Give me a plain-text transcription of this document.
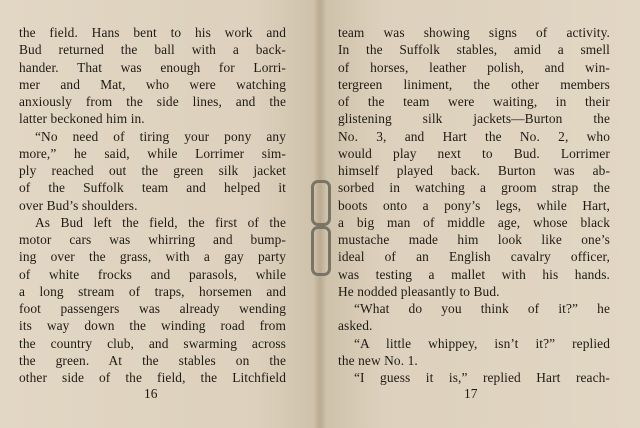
the field. Hans bent to his work and
Bud returned the ball with a back-
hander. That was enough for Lorri-
mer and Mat, who were watching
anxiously from the side lines, and the
latter beckoned him in.
“No need of tiring your pony any
more,” he said, while Lorrimer sim-
ply reached out the green silk jacket
of the Suffolk team and helped it
over Bud’s shoulders.
As Bud left the field, the first of the
motor cars was whirring and bump-
ing over the grass, with a gay party
of white frocks and parasols, while
a long stream of traps, horsemen and
foot passengers was already wending
its way down the winding road from
the country club, and swarming across
the green. At the stables on the
other side of the field, the Litchfield
16
team was showing signs of activity.
In the Suffolk stables, amid a smell
of horses, leather polish, and win-
tergreen liniment, the other members
of the team were waiting, in their
glistening silk jackets—Burton the
No. 3, and Hart the No. 2, who
would play next to Bud. Lorrimer
himself played back. Burton was ab-
sorbed in watching a groom strap the
boots onto a pony’s legs, while Hart,
a big man of middle age, whose black
mustache made him look like one’s
ideal of an English cavalry officer,
was testing a mallet with his hands.
He nodded pleasantly to Bud.
“What do you think of it?” he
asked.
“A little whippey, isn’t it?” replied
the new No. 1.
“I guess it is,” replied Hart reach-
17
